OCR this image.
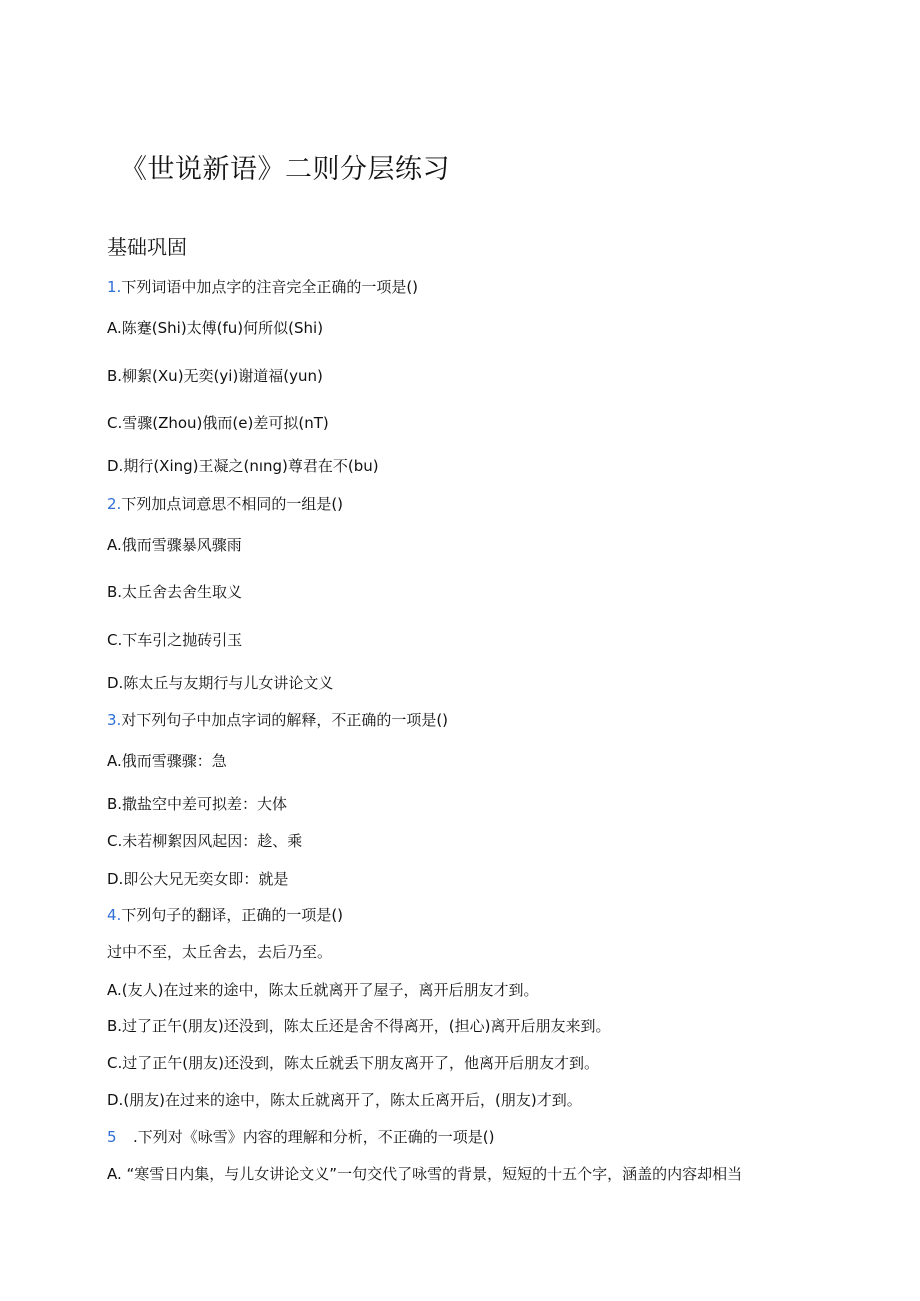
《世说新语》二则分层练习
基础巩固
1.下列词语中加点字的注音完全正确的一项是()
A.陈蹇(Shi)太傅(fu)何所似(Shi)
B.柳絮(Xu)无奕(yi)谢道福(yun)
C.雪骤(Zhou)俄而(e)差可拟(nT)
D.期行(Xing)王凝之(nıng)尊君在不(bu)
2.下列加点词意思不相同的一组是()
A.俄而雪骤暴风骤雨
B.太丘舍去舍生取义
C.下车引之抛砖引玉
D.陈太丘与友期行与儿女讲论文义
3.对下列句子中加点字词的解释，不正确的一项是()
A.俄而雪骤骤：急
B.撒盐空中差可拟差：大体
C.未若柳絮因风起因：趁、乘
D.即公大兄无奕女即：就是
4.下列句子的翻译，正确的一项是()
过中不至，太丘舍去，去后乃至。
A.(友人)在过来的途中，陈太丘就离开了屋子，离开后朋友才到。
B.过了正午(朋友)还没到，陈太丘还是舍不得离开，(担心)离开后朋友来到。
C.过了正午(朋友)还没到，陈太丘就丢下朋友离开了，他离开后朋友才到。
D.(朋友)在过来的途中，陈太丘就离开了，陈太丘离开后，(朋友)才到。
5 .下列对《咏雪》内容的理解和分析，不正确的一项是()
A. “寒雪日内集，与儿女讲论文义”一句交代了咏雪的背景，短短的十五个字，涵盖的内容却相当
